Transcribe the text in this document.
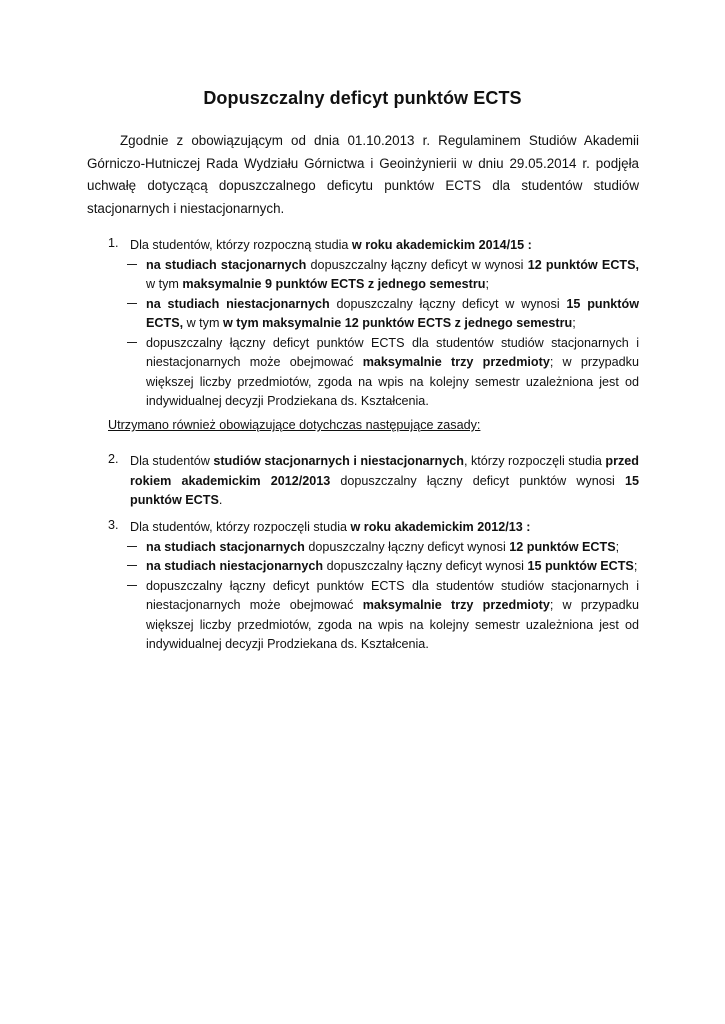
Dopuszczalny deficyt punktów ECTS

Zgodnie z obowiązującym od dnia 01.10.2013 r. Regulaminem Studiów Akademii Górniczo-Hutniczej Rada Wydziału Górnictwa i Geoinżynierii w dniu 29.05.2014 r. podjęła uchwałę dotyczącą dopuszczalnego deficytu punktów ECTS dla studentów studiów stacjonarnych i niestacjonarnych.

1. Dla studentów, którzy rozpoczną studia w roku akademickim 2014/15 :

na studiach stacjonarnych dopuszczalny łączny deficyt w wynosi 12 punktów ECTS, w tym maksymalnie 9 punktów ECTS z jednego semestru;
na studiach niestacjonarnych dopuszczalny łączny deficyt w wynosi 15 punktów ECTS, w tym w tym maksymalnie 12 punktów ECTS z jednego semestru;
dopuszczalny łączny deficyt punktów ECTS dla studentów studiów stacjonarnych i niestacjonarnych może obejmować maksymalnie trzy przedmioty; w przypadku większej liczby przedmiotów, zgoda na wpis na kolejny semestr uzależniona jest od indywidualnej decyzji Prodziekana ds. Kształcenia.

Utrzymano również obowiązujące dotychczas następujące zasady:

2. Dla studentów studiów stacjonarnych i niestacjonarnych, którzy rozpoczęli studia przed rokiem akademickim 2012/2013 dopuszczalny łączny deficyt punktów wynosi 15 punktów ECTS.

3. Dla studentów, którzy rozpoczęli studia w roku akademickim 2012/13 :

na studiach stacjonarnych dopuszczalny łączny deficyt wynosi 12 punktów ECTS;
na studiach niestacjonarnych dopuszczalny łączny deficyt wynosi 15 punktów ECTS;
dopuszczalny łączny deficyt punktów ECTS dla studentów studiów stacjonarnych i niestacjonarnych może obejmować maksymalnie trzy przedmioty; w przypadku większej liczby przedmiotów, zgoda na wpis na kolejny semestr uzależniona jest od indywidualnej decyzji Prodziekana ds. Kształcenia.
